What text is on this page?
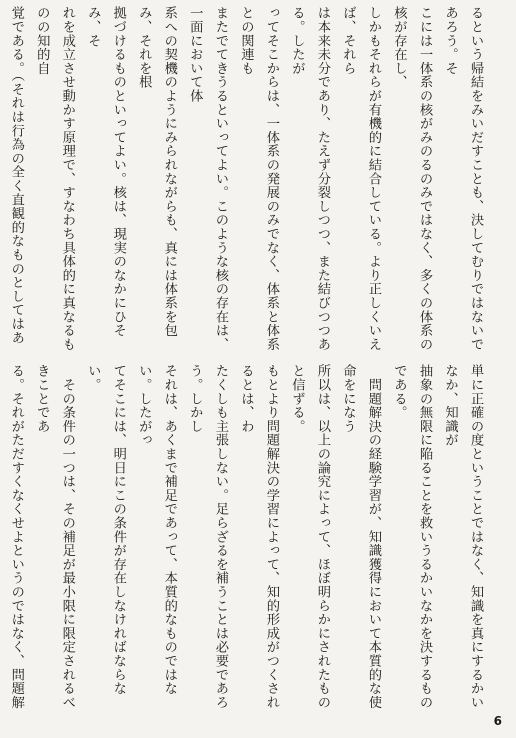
るという帰結をみいだすことも、決してむりではないであろう。そ

こには一体系の核がみのるのみではなく、多くの体系の核が存在し、

しかもそれらが有機的に結合している。より正しくいえば、それら

は本来未分であり、たえず分裂しつつ、また結びつつある。したが

ってそこからは、一体系の発展のみでなく、体系と体系との関連も

またでてきうるといってよい。このような核の存在は、一面において体

系への契機のようにみられながらも、真には体系を包み、それを根

拠づけるものといってよい。核は、現実のなかにひそみ、そ

れを成立させ動かす原理で、すなわち具体的に真なるものの知的自

覚である。（それは行為の全く直観的なものとしてはあ

単に正確の度ということではなく、知識を真にするかいなか、知識が

抽象の無限に陥ることを救いうるかいなかを決するものである。

　問題解決の経験学習が、知識獲得において本質的な使命をになう

所以は、以上の論究によって、ほぼ明らかにされたものと信ずる。

もとより問題解決の学習によって、知的形成がつくされるとは、わ

たくしも主張しない。足らざるを補うことは必要であろう。しかし

それは、あくまで補足であって、本質的なものではない。したがっ

てそこには、明日にこの条件が存在しなければならない。

　その条件の一つは、その補足が最小限に限定されるべきことであ

る。それがただすくなくせよというのではなく、問題解

6
